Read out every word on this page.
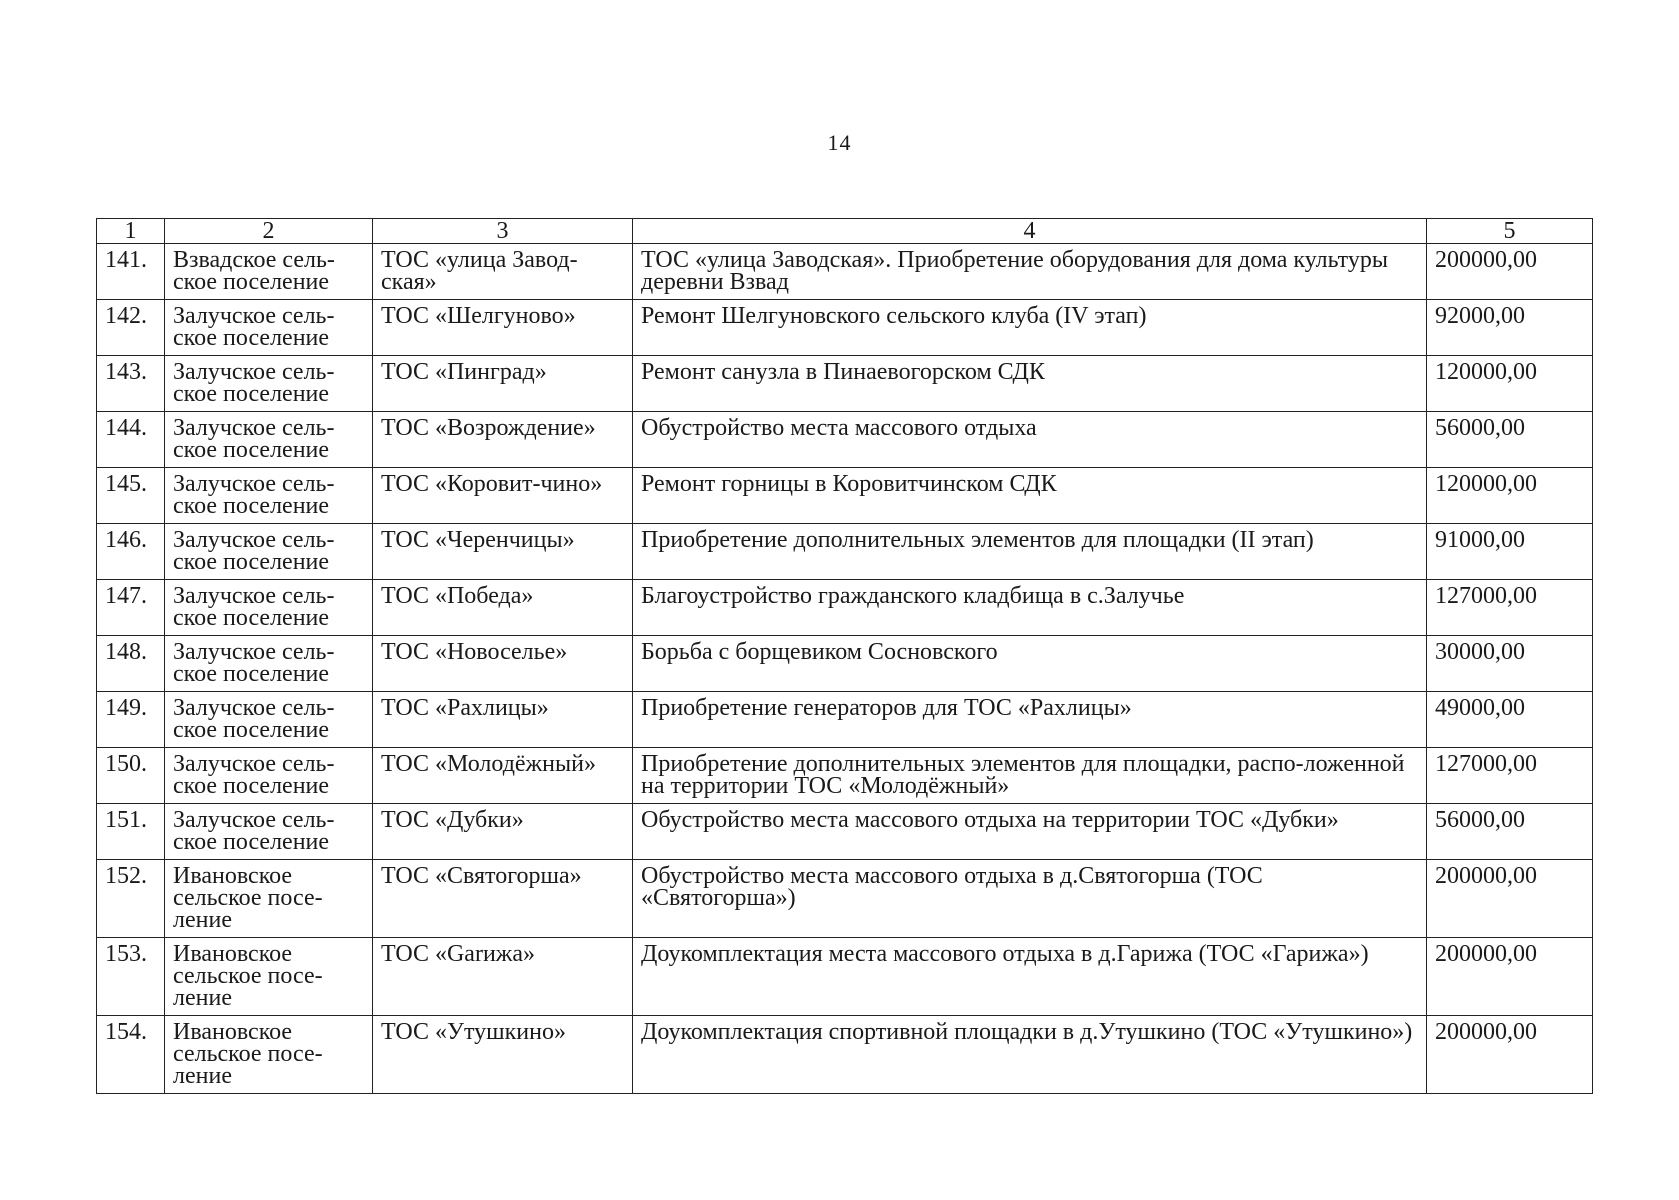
14
1	2	3	4	5
141.	Взвадское сель-ское поселение	ТОС «улица Завод-ская»	ТОС «улица Заводская». Приобретение оборудования для дома культуры деревни Взвад	200000,00
142.	Залучское сель-ское поселение	ТОС «Шелгуново»	Ремонт Шелгуновского сельского клуба (IV этап)	92000,00
143.	Залучское сель-ское поселение	ТОС «Пинград»	Ремонт санузла в Пинаевогорском СДК	120000,00
144.	Залучское сель-ское поселение	ТОС «Возрождение»	Обустройство места массового отдыха	56000,00
145.	Залучское сель-ское поселение	ТОС «Коровит-чино»	Ремонт горницы в Коровитчинском СДК	120000,00
146.	Залучское сель-ское поселение	ТОС «Черенчицы»	Приобретение дополнительных элементов для площадки (II этап)	91000,00
147.	Залучское сель-ское поселение	ТОС «Победа»	Благоустройство гражданского кладбища в с.Залучье	127000,00
148.	Залучское сель-ское поселение	ТОС «Новоселье»	Борьба с борщевиком Сосновского	30000,00
149.	Залучское сель-ское поселение	ТОС «Рахлицы»	Приобретение генераторов для ТОС «Рахлицы»	49000,00
150.	Залучское сель-ское поселение	ТОС «Молодёжный»	Приобретение дополнительных элементов для площадки, распо-ложенной на территории ТОС «Молодёжный»	127000,00
151.	Залучское сель-ское поселение	ТОС «Дубки»	Обустройство места массового отдыха на территории ТОС «Дубки»	56000,00
152.	Ивановское сельское посе-ление	ТОС «Святогорша»	Обустройство места массового отдыха в д.Святогорша (ТОС «Святогорша»)	200000,00
153.	Ивановское сельское посе-ление	ТОС «Garижа»	Доукомплектация места массового отдыха в д.Гарижа (ТОС «Гарижа»)	200000,00
154.	Ивановское сельское посе-ление	ТОС «Утушкино»	Доукомплектация спортивной площадки в д.Утушкино (ТОС «Утушкино»)	200000,00
